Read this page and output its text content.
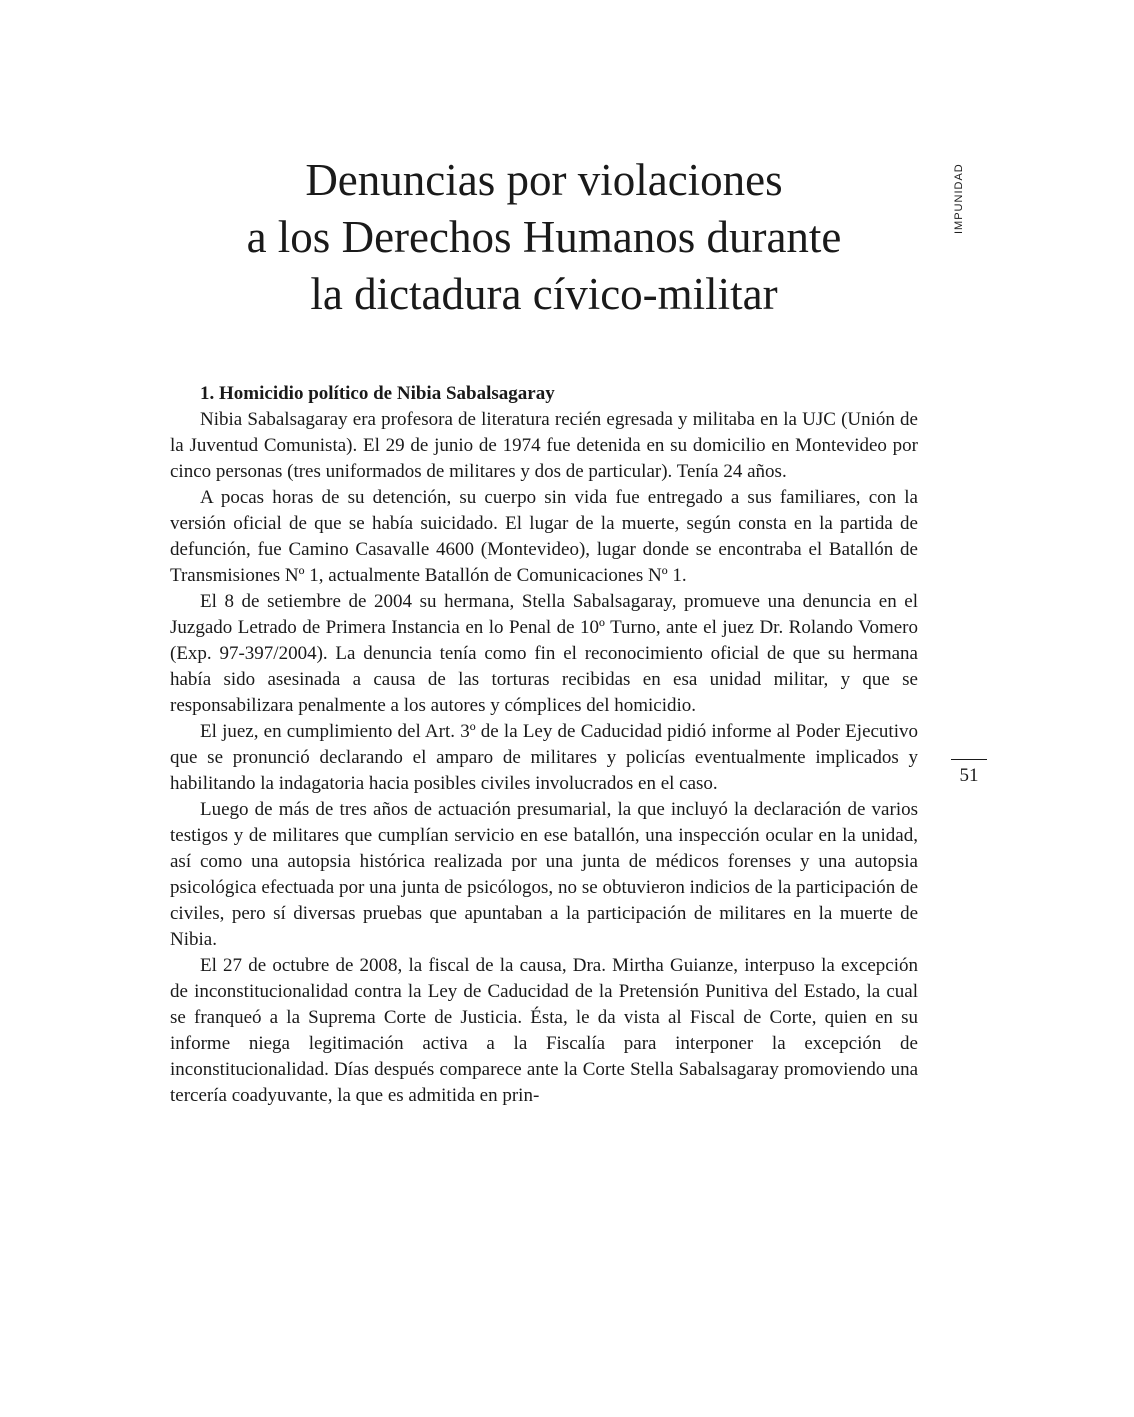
IMPUNIDAD
Denuncias por violaciones
a los Derechos Humanos durante
la dictadura cívico-militar
51
1. Homicidio político de Nibia Sabalsagaray

Nibia Sabalsagaray era profesora de literatura recién egresada y militaba en la UJC (Unión de la Juventud Comunista). El 29 de junio de 1974 fue detenida en su domicilio en Montevideo por cinco personas (tres uniformados de militares y dos de particular). Tenía 24 años.

A pocas horas de su detención, su cuerpo sin vida fue entregado a sus familiares, con la versión oficial de que se había suicidado. El lugar de la muerte, según consta en la partida de defunción, fue Camino Casavalle 4600 (Montevideo), lugar donde se encontraba el Batallón de Transmisiones Nº 1, actualmente Batallón de Comunicaciones Nº 1.

El 8 de setiembre de 2004 su hermana, Stella Sabalsagaray, promueve una denuncia en el Juzgado Letrado de Primera Instancia en lo Penal de 10º Turno, ante el juez Dr. Rolando Vomero (Exp. 97-397/2004). La denuncia tenía como fin el reconocimiento oficial de que su hermana había sido asesinada a causa de las torturas recibidas en esa unidad militar, y que se responsabilizara penalmente a los autores y cómplices del homicidio.

El juez, en cumplimiento del Art. 3º de la Ley de Caducidad pidió informe al Poder Ejecutivo que se pronunció declarando el amparo de militares y policías eventualmente implicados y habilitando la indagatoria hacia posibles civiles involucrados en el caso.

Luego de más de tres años de actuación presumarial, la que incluyó la declaración de varios testigos y de militares que cumplían servicio en ese batallón, una inspección ocular en la unidad, así como una autopsia histórica realizada por una junta de médicos forenses y una autopsia psicológica efectuada por una junta de psicólogos, no se obtuvieron indicios de la participación de civiles, pero sí diversas pruebas que apuntaban a la participación de militares en la muerte de Nibia.

El 27 de octubre de 2008, la fiscal de la causa, Dra. Mirtha Guianze, interpuso la excepción de inconstitucionalidad contra la Ley de Caducidad de la Pretensión Punitiva del Estado, la cual se franqueó a la Suprema Corte de Justicia. Ésta, le da vista al Fiscal de Corte, quien en su informe niega legitimación activa a la Fiscalía para interponer la excepción de inconstitucionalidad. Días después comparece ante la Corte Stella Sabalsagaray promoviendo una tercería coadyuvante, la que es admitida en prin-
